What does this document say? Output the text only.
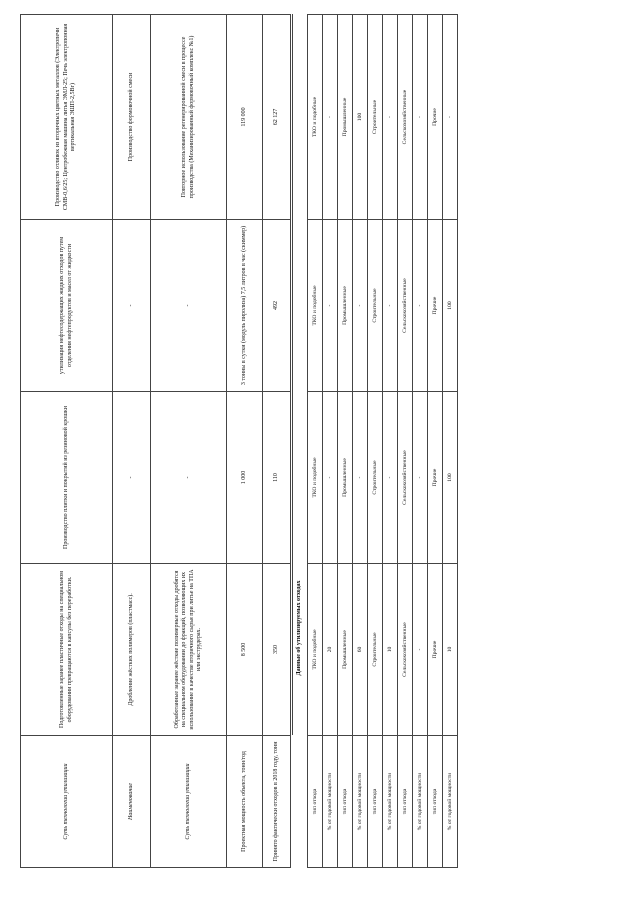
Суть технологии утилизации	Подготовленные заранее пластичные отходы на специальном оборудовании превращаются в капсулы без переработки.	Производство плитки и покрытий из резиновой крошки	утилизация нефтесодержащих жидких отходов путем отделения нефтепродуктов и масел от жидкости	Производство отливок из вторичных цветных металлов (Электропечи СМВ-0,6/25; Центробежная машина литья ЭМЛ-25; Печь электропонная вертикальная ЭШП-2,5Вг)
Наименование	Дробление жёстких полимеров (пластмасс).	-	-	Производство формовочной смеси
Суть технологии утилизации	Обработанные заранее жёсткие полимерные отходы дробятся на специальном оборудовании до фракций, позволяющих их использование в качестве вторичного сырья при литье на ТПА или экструдерах.	-	-	Повторное использование регенерированной смеси в процессе производства (Механизированный формовочный комплекс №1)
Проектная мощность объекта, тонн/год	8 500	1 000	3 тонны в сутки (модуль пиролиза) 7,5 литров в час (скиммер)	119 000
Принято фактически отходов в 2018 году, тонн	350	110	492	62 127
	Данные об утилизируемых отходах			
тип отхода	ТКО и подобные	ТКО и подобные	ТКО и подобные	ТКО и подобные
% от годовой мощности	20	-	-	-
тип отхода	Промышленные	Промышленные	Промышленные	Промышленные
% от годовой мощности	60	-	-	100
тип отхода	Строительные	Строительные	Строительные	Строительные
% от годовой мощности	10	-	-	-
тип отхода	Сельскохозяйственные	Сельскохозяйственные	Сельскохозяйственные	Сельскохозяйственные
% от годовой мощности	-	-	-	-
тип отхода	Прочие	Прочие	Прочие	Прочие
% от годовой мощности	10	100	100	-
